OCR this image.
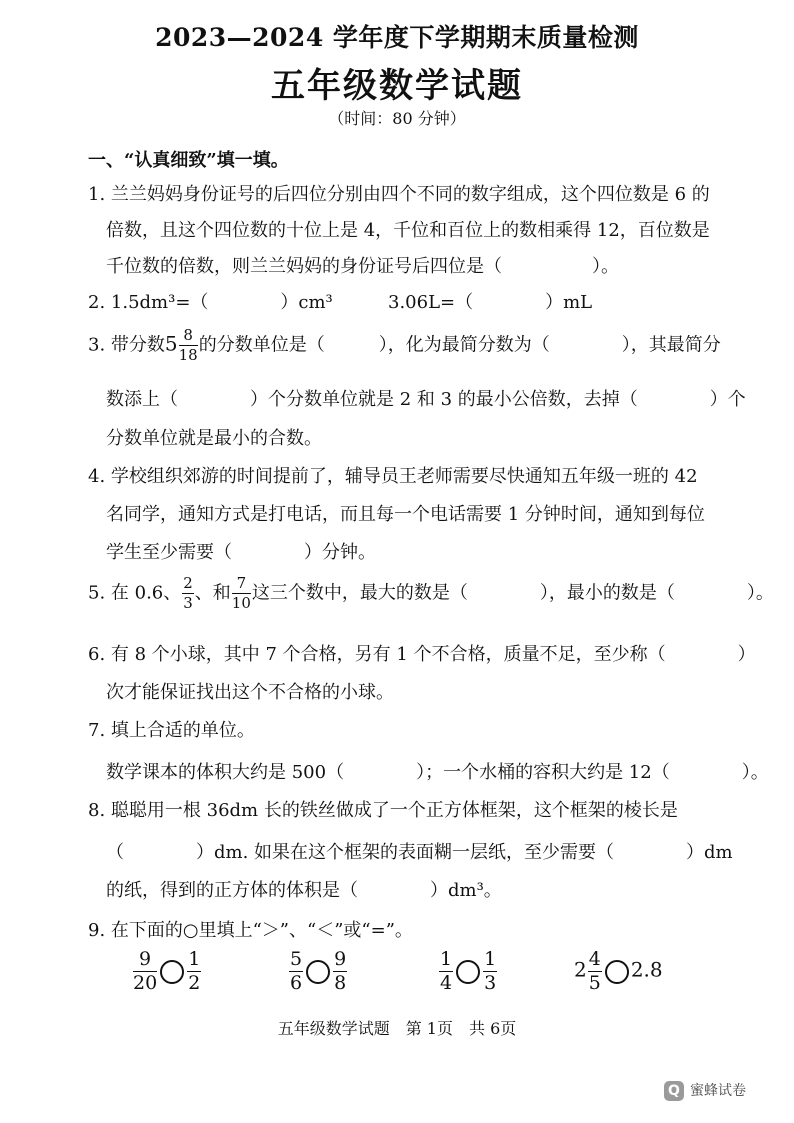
2023—2024 学年度下学期期末质量检测
五年级数学试题
（时间：80 分钟）
一、“认真细致”填一填。
1. 兰兰妈妈身份证号的后四位分别由四个不同的数字组成，这个四位数是 6 的
倍数，且这个四位数的十位上是 4，千位和百位上的数相乘得 12，百位数是
千位数的倍数，则兰兰妈妈的身份证号后四位是（　　　　　）。
2. 1.5dm³=（　　　　）cm³	3.06L=（　　　　）mL
3. 带分数$5 \frac{8}{18}$ 的分数单位是（　　　），化为最简分数为（　　　　），其最简分
数添上（　　　　）个分数单位就是 2 和 3 的最小公倍数，去掉（　　　　）个
分数单位就是最小的合数。
4. 学校组织郊游的时间提前了，辅导员王老师需要尽快通知五年级一班的 42
名同学，通知方式是打电话，而且每一个电话需要 1 分钟时间，通知到每位
学生至少需要（　　　　）分钟。
5. 在 0.6、 $\frac{2}{3}$ 、和 $\frac{7}{10}$ 这三个数中，最大的数是（　　　　），最小的数是（　　　　）。
6. 有 8 个小球，其中 7 个合格，另有 1 个不合格，质量不足，至少称（　　　　）
次才能保证找出这个不合格的小球。
7. 填上合适的单位。
数学课本的体积大约是 500（　　　　）；一个水桶的容积大约是 12（　　　　）。
8. 聪聪用一根 36dm 长的铁丝做成了一个正方体框架，这个框架的棱长是
（　　　　）dm. 如果在这个框架的表面糊一层纸，至少需要（　　　　）dm
的纸，得到的正方体的体积是（　　　　）dm³。
9. 在下面的○里填上“＞”、“＜”或“=”。
$\frac{9}{20} \frac{1}{2}$	$\frac{5}{6} \frac{9}{8}$	$\frac{1}{4} \frac{1}{3}$	$2 \frac{4}{5} 2.8$
五年级数学试题　第 1页　共 6页
Q 蜜蜂试卷
